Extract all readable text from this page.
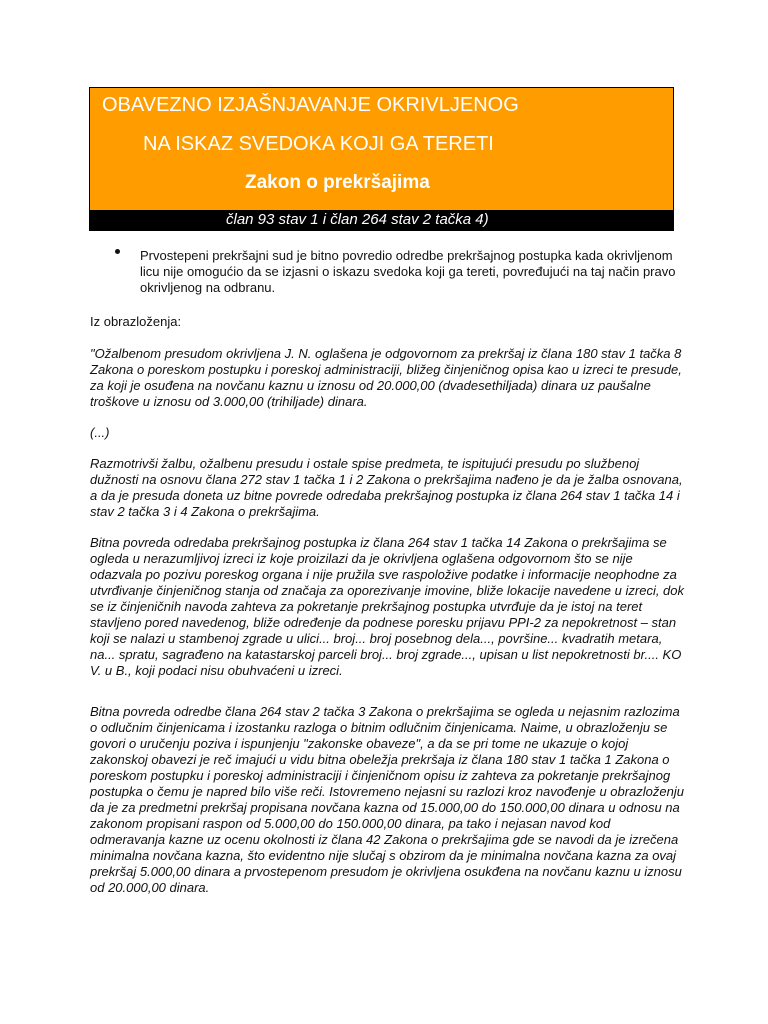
OBAVEZNO IZJAŠNJAVANJE OKRIVLJENOG
NA ISKAZ SVEDOKA KOJI GA TERETI
Zakon o prekršajima
član 93 stav 1 i član 264 stav 2 tačka 4)
Prvostepeni prekršajni sud je bitno povredio odredbe prekršajnog postupka kada okrivljenom licu nije omogućio da se izjasni o iskazu svedoka koji ga tereti, povređujući na taj način pravo okrivljenog na odbranu.
Iz obrazloženja:
"Ožalbenom presudom okrivljena J. N. oglašena je odgovornom za prekršaj iz člana 180 stav 1 tačka 8 Zakona o poreskom postupku i poreskoj administraciji, bližeg činjeničnog opisa kao u izreci te presude, za koji je osuđena na novčanu kaznu u iznosu od 20.000,00 (dvadesethiljada) dinara uz paušalne troškove u iznosu od 3.000,00 (trihiljade) dinara.
(...)
Razmotrivši žalbu, ožalbenu presudu i ostale spise predmeta, te ispitujući presudu po službenoj dužnosti na osnovu člana 272 stav 1 tačka 1 i 2 Zakona o prekršajima nađeno je da je žalba osnovana, a da je presuda doneta uz bitne povrede odredaba prekršajnog postupka iz člana 264 stav 1 tačka 14 i stav 2 tačka 3 i 4 Zakona o prekršajima.
Bitna povreda odredaba prekršajnog postupka iz člana 264 stav 1 tačka 14 Zakona o prekršajima se ogleda u nerazumljivoj izreci iz koje proizilazi da je okrivljena oglašena odgovornom što se nije odazvala po pozivu poreskog organa i nije pružila sve raspoložive podatke i informacije neophodne za utvrđivanje činjeničnog stanja od značaja za oporezivanje imovine, bliže lokacije navedene u izreci, dok se iz činjeničnih navoda zahteva za pokretanje prekršajnog postupka utvrđuje da je istoj na teret stavljeno pored navedenog, bliže određenje da podnese poresku prijavu PPI-2 za nepokretnost – stan koji se nalazi u stambenoj zgrade u ulici... broj... broj posebnog dela..., površine... kvadratih metara, na... spratu, sagrađeno na katastarskoj parceli broj... broj zgrade..., upisan u list nepokretnosti br.... KO V. u B., koji podaci nisu obuhvaćeni u izreci.
Bitna povreda odredbe člana 264 stav 2 tačka 3 Zakona o prekršajima se ogleda u nejasnim razlozima o odlučnim činjenicama i izostanku razloga o bitnim odlučnim činjenicama. Naime, u obrazloženju se govori o uručenju poziva i ispunjenju "zakonske obaveze", a da se pri tome ne ukazuje o kojoj zakonskoj obavezi je reč imajući u vidu bitna obeležja prekršaja iz člana 180 stav 1 tačka 1 Zakona o poreskom postupku i poreskoj administraciji i činjeničnom opisu iz zahteva za pokretanje prekršajnog postupka o čemu je napred bilo više reči. Istovremeno nejasni su razlozi kroz navođenje u obrazloženju da je za predmetni prekršaj propisana novčana kazna od 15.000,00 do 150.000,00 dinara u odnosu na zakonom propisani raspon od 5.000,00 do 150.000,00 dinara, pa tako i nejasan navod kod odmeravanja kazne uz ocenu okolnosti iz člana 42 Zakona o prekršajima gde se navodi da je izrečena minimalna novčana kazna, što evidentno nije slučaj s obzirom da je minimalna novčana kazna za ovaj prekršaj 5.000,00 dinara a prvostepenom presudom je okrivljena osukđena na novčanu kaznu u iznosu od 20.000,00 dinara.
